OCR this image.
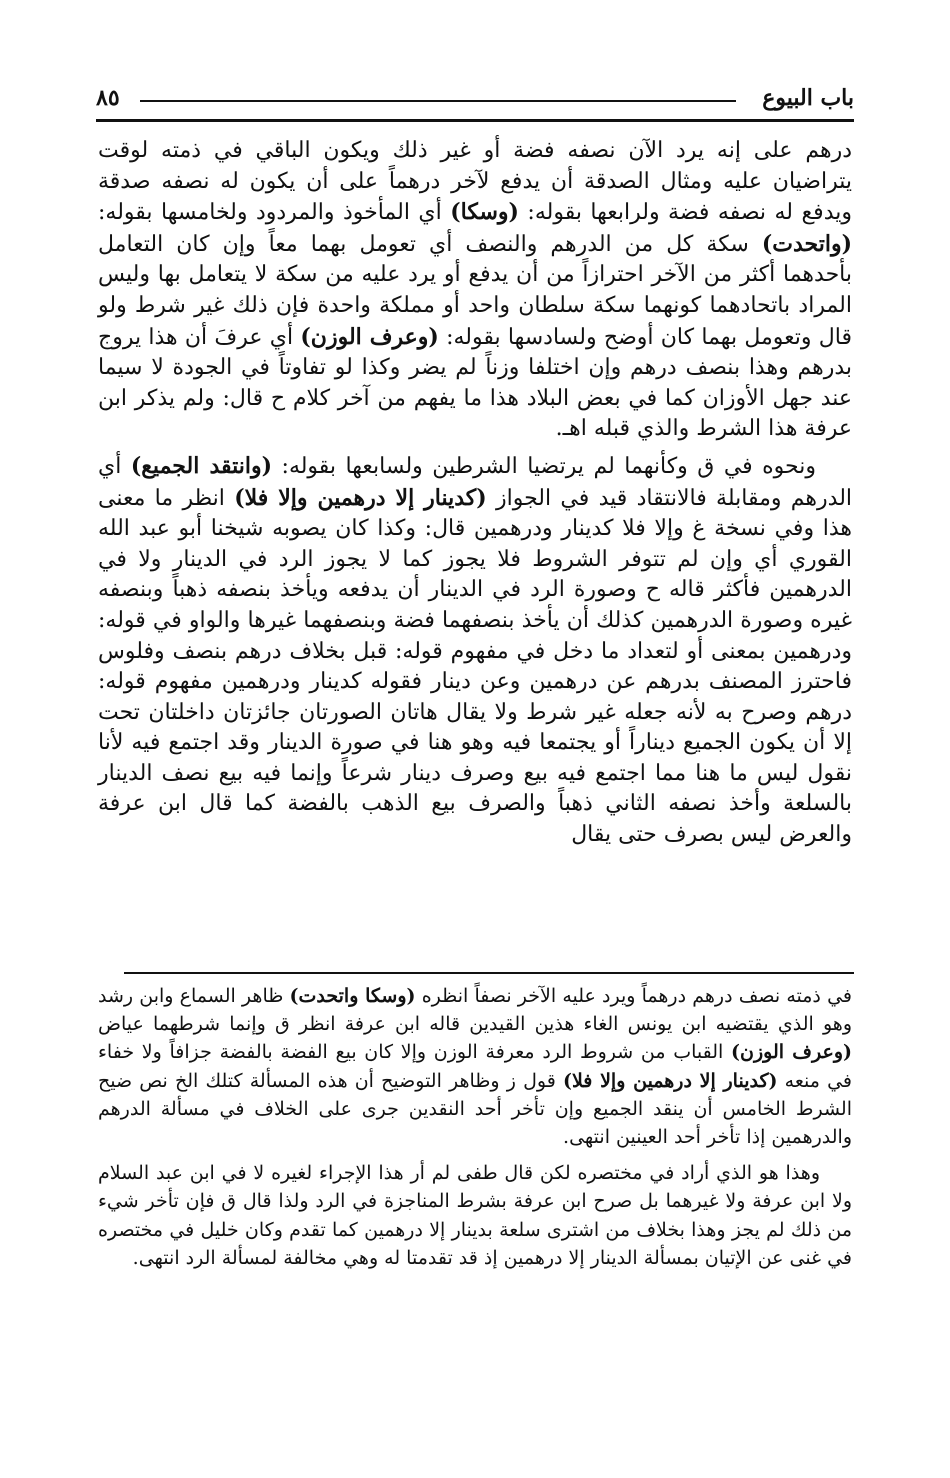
باب البيوع
٨٥

درهم على إنه يرد الآن نصفه فضة أو غير ذلك ويكون الباقي في ذمته لوقت يتراضيان عليه ومثال الصدقة أن يدفع لآخر درهماً على أن يكون له نصفه صدقة ويدفع له نصفه فضة ولرابعها بقوله: (وسكا) أي المأخوذ والمردود ولخامسها بقوله: (واتحدت) سكة كل من الدرهم والنصف أي تعومل بهما معاً وإن كان التعامل بأحدهما أكثر من الآخر احترازاً من أن يدفع أو يرد عليه من سكة لا يتعامل بها وليس المراد باتحادهما كونهما سكة سلطان واحد أو مملكة واحدة فإن ذلك غير شرط ولو قال وتعومل بهما كان أوضح ولسادسها بقوله: (وعرف الوزن) أي عرفَ أن هذا يروج بدرهم وهذا بنصف درهم وإن اختلفا وزناً لم يضر وكذا لو تفاوتاً في الجودة لا سيما عند جهل الأوزان كما في بعض البلاد هذا ما يفهم من آخر كلام ح قال: ولم يذكر ابن عرفة هذا الشرط والذي قبله اهـ.

ونحوه في ق وكأنهما لم يرتضيا الشرطين ولسابعها بقوله: (وانتقد الجميع) أي الدرهم ومقابلة فالانتقاد قيد في الجواز (كدينار إلا درهمين وإلا فلا) انظر ما معنى هذا وفي نسخة غ وإلا فلا كدينار ودرهمين قال: وكذا كان يصوبه شيخنا أبو عبد الله القوري أي وإن لم تتوفر الشروط فلا يجوز كما لا يجوز الرد في الدينار ولا في الدرهمين فأكثر قاله ح وصورة الرد في الدينار أن يدفعه ويأخذ بنصفه ذهباً وبنصفه غيره وصورة الدرهمين كذلك أن يأخذ بنصفهما فضة وبنصفهما غيرها والواو في قوله: ودرهمين بمعنى أو لتعداد ما دخل في مفهوم قوله: قبل بخلاف درهم بنصف وفلوس فاحترز المصنف بدرهم عن درهمين وعن دينار فقوله كدينار ودرهمين مفهوم قوله: درهم وصرح به لأنه جعله غير شرط ولا يقال هاتان الصورتان جائزتان داخلتان تحت إلا أن يكون الجميع ديناراً أو يجتمعا فيه وهو هنا في صورة الدينار وقد اجتمع فيه لأنا نقول ليس ما هنا مما اجتمع فيه بيع وصرف دينار شرعاً وإنما فيه بيع نصف الدينار بالسلعة وأخذ نصفه الثاني ذهباً والصرف بيع الذهب بالفضة كما قال ابن عرفة والعرض ليس بصرف حتى يقال

في ذمته نصف درهم درهماً ويرد عليه الآخر نصفاً انظره (وسكا واتحدت) ظاهر السماع وابن رشد وهو الذي يقتضيه ابن يونس الغاء هذين القيدين قاله ابن عرفة انظر ق وإنما شرطهما عياض (وعرف الوزن) القباب من شروط الرد معرفة الوزن وإلا كان بيع الفضة بالفضة جزافاً ولا خفاء في منعه (كدينار إلا درهمين وإلا فلا) قول ز وظاهر التوضيح أن هذه المسألة كتلك الخ نص ضيح الشرط الخامس أن ينقد الجميع وإن تأخر أحد النقدين جرى على الخلاف في مسألة الدرهم والدرهمين إذا تأخر أحد العينين انتهى.

وهذا هو الذي أراد في مختصره لكن قال طفى لم أر هذا الإجراء لغيره لا في ابن عبد السلام ولا ابن عرفة ولا غيرهما بل صرح ابن عرفة بشرط المناجزة في الرد ولذا قال ق فإن تأخر شيء من ذلك لم يجز وهذا بخلاف من اشترى سلعة بدينار إلا درهمين كما تقدم وكان خليل في مختصره في غنى عن الإتيان بمسألة الدينار إلا درهمين إذ قد تقدمتا له وهي مخالفة لمسألة الرد انتهى.
